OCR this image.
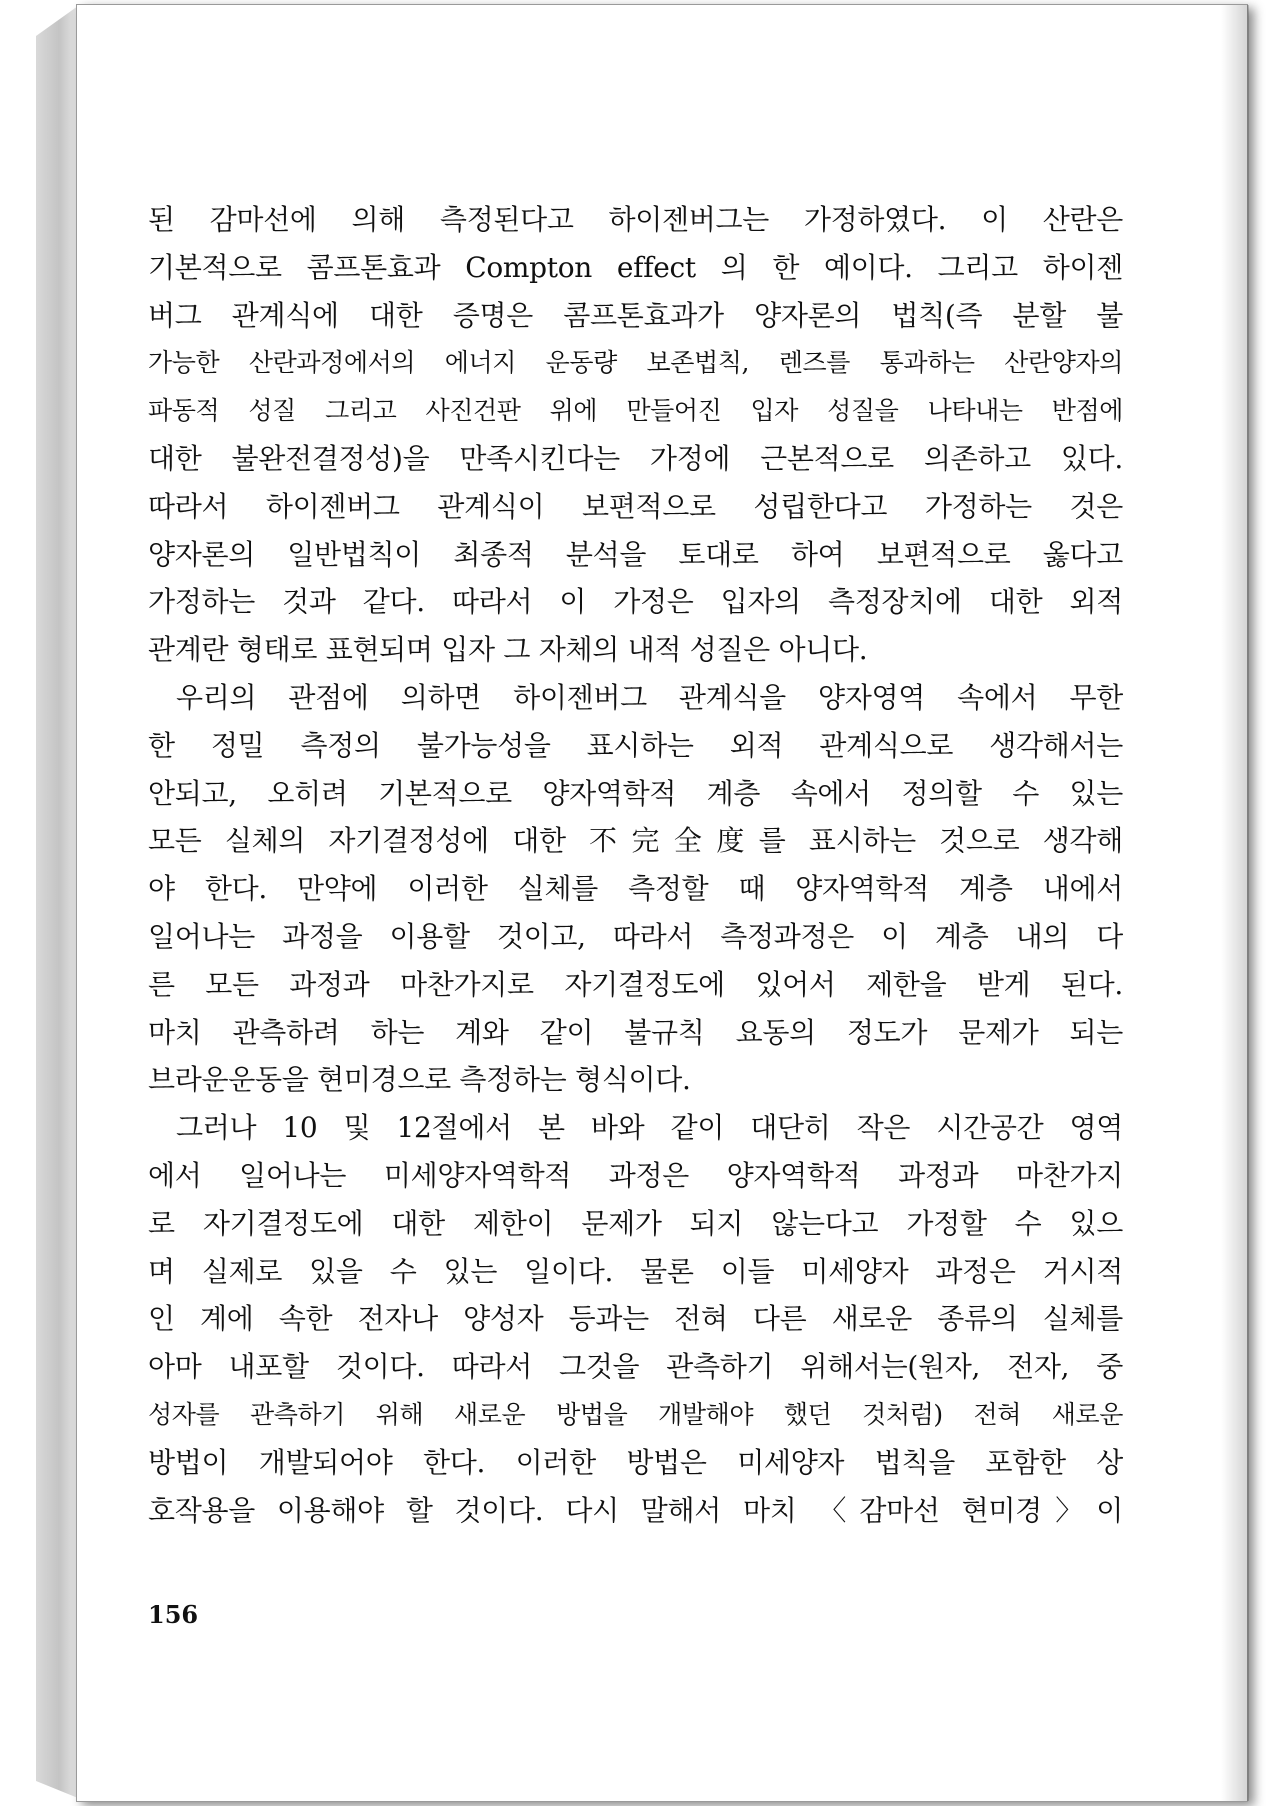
된 감마선에 의해 측정된다고 하이젠버그는 가정하였다. 이 산란은
기본적으로 콤프톤효과 Compton effect 의 한 예이다. 그리고 하이젠
버그 관계식에 대한 증명은 콤프톤효과가 양자론의 법칙(즉 분할 불
가능한 산란과정에서의 에너지 운동량 보존법칙, 렌즈를 통과하는 산란양자의
파동적 성질 그리고 사진건판 위에 만들어진 입자 성질을 나타내는 반점에
대한 불완전결정성)을 만족시킨다는 가정에 근본적으로 의존하고 있다.
따라서 하이젠버그 관계식이 보편적으로 성립한다고 가정하는 것은
양자론의 일반법칙이 최종적 분석을 토대로 하여 보편적으로 옳다고
가정하는 것과 같다. 따라서 이 가정은 입자의 측정장치에 대한 외적
관계란 형태로 표현되며 입자 그 자체의 내적 성질은 아니다.
우리의 관점에 의하면 하이젠버그 관계식을 양자영역 속에서 무한
한 정밀 측정의 불가능성을 표시하는 외적 관계식으로 생각해서는
안되고, 오히려 기본적으로 양자역학적 계층 속에서 정의할 수 있는
모든 실체의 자기결정성에 대한 不完全度를 표시하는 것으로 생각해
야 한다. 만약에 이러한 실체를 측정할 때 양자역학적 계층 내에서
일어나는 과정을 이용할 것이고, 따라서 측정과정은 이 계층 내의 다
른 모든 과정과 마찬가지로 자기결정도에 있어서 제한을 받게 된다.
마치 관측하려 하는 계와 같이 불규칙 요동의 정도가 문제가 되는
브라운운동을 현미경으로 측정하는 형식이다.
그러나 10 및 12절에서 본 바와 같이 대단히 작은 시간공간 영역
에서 일어나는 미세양자역학적 과정은 양자역학적 과정과 마찬가지
로 자기결정도에 대한 제한이 문제가 되지 않는다고 가정할 수 있으
며 실제로 있을 수 있는 일이다. 물론 이들 미세양자 과정은 거시적
인 계에 속한 전자나 양성자 등과는 전혀 다른 새로운 종류의 실체를
아마 내포할 것이다. 따라서 그것을 관측하기 위해서는(원자, 전자, 중
성자를 관측하기 위해 새로운 방법을 개발해야 했던 것처럼) 전혀 새로운
방법이 개발되어야 한다. 이러한 방법은 미세양자 법칙을 포함한 상
호작용을 이용해야 할 것이다. 다시 말해서 마치 〈감마선 현미경〉이
156
